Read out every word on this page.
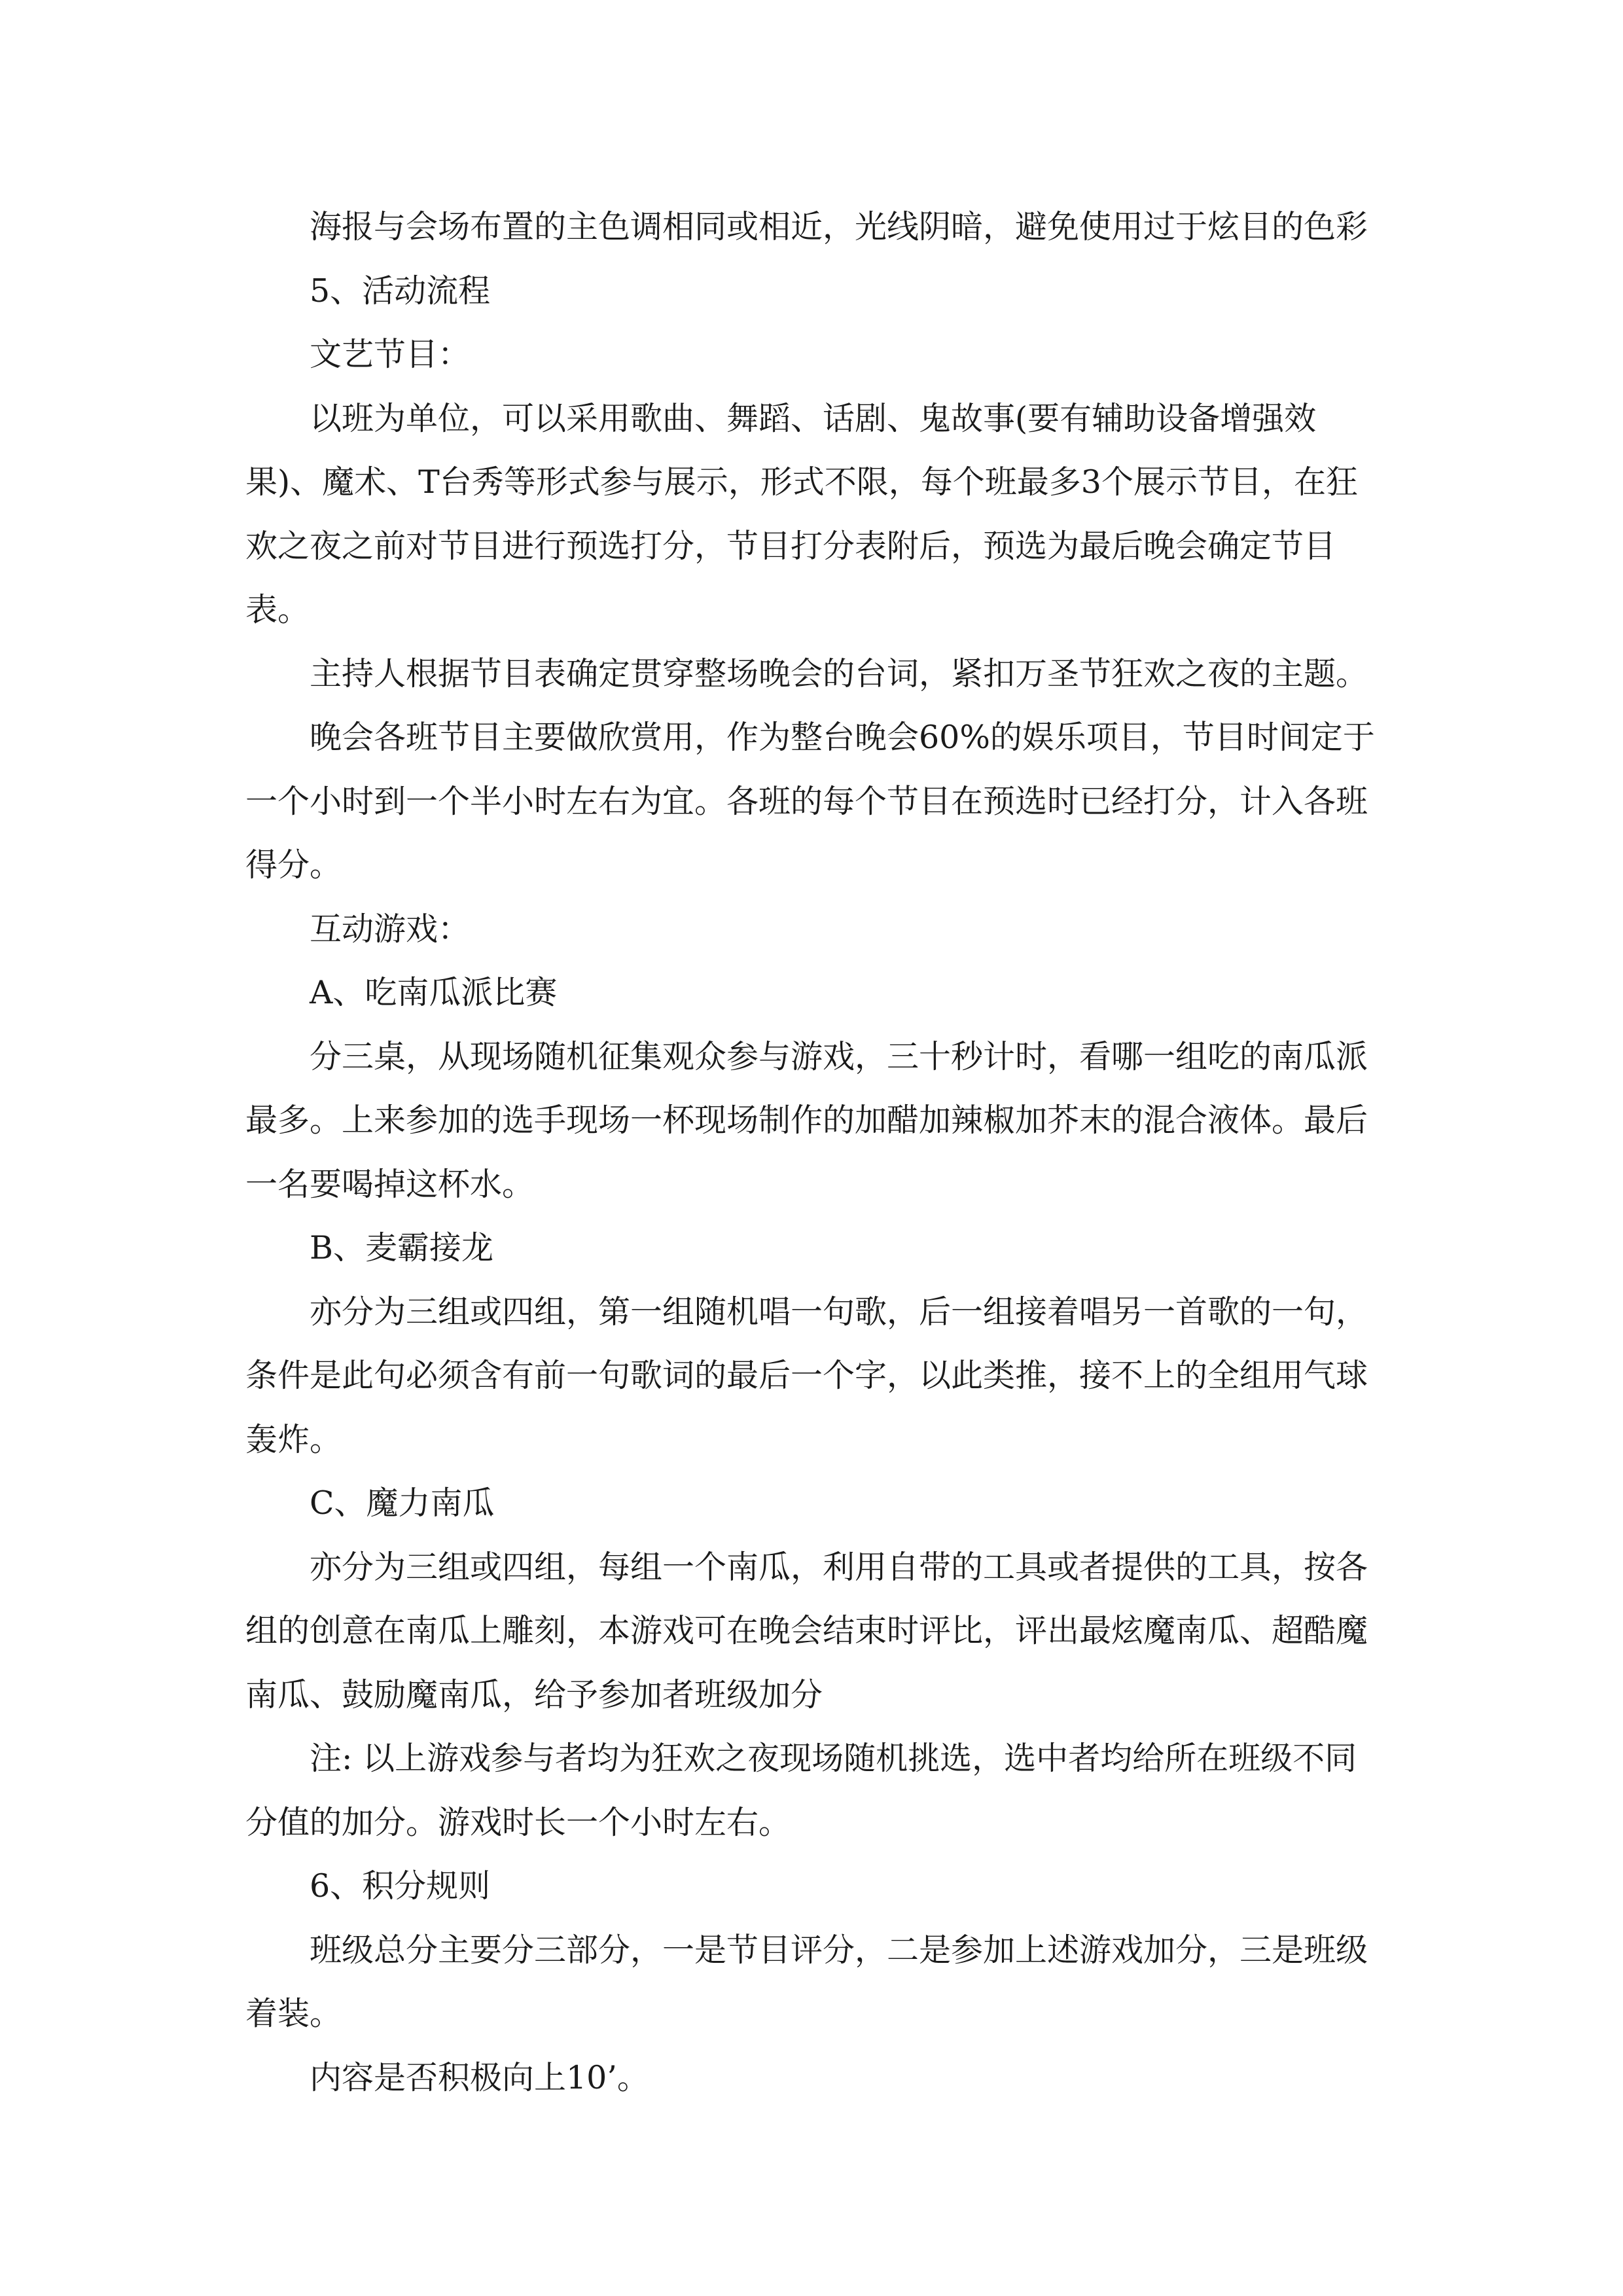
海报与会场布置的主色调相同或相近，光线阴暗，避免使用过于炫目的色彩

5、活动流程

文艺节目：

以班为单位，可以采用歌曲、舞蹈、话剧、鬼故事(要有辅助设备增强效果)、魔术、T台秀等形式参与展示，形式不限，每个班最多3个展示节目，在狂欢之夜之前对节目进行预选打分，节目打分表附后，预选为最后晚会确定节目表。

主持人根据节目表确定贯穿整场晚会的台词，紧扣万圣节狂欢之夜的主题。

晚会各班节目主要做欣赏用，作为整台晚会60%的娱乐项目，节目时间定于一个小时到一个半小时左右为宜。各班的每个节目在预选时已经打分，计入各班得分。

互动游戏：

A、吃南瓜派比赛

分三桌，从现场随机征集观众参与游戏，三十秒计时，看哪一组吃的南瓜派最多。上来参加的选手现场一杯现场制作的加醋加辣椒加芥末的混合液体。最后一名要喝掉这杯水。

B、麦霸接龙

亦分为三组或四组，第一组随机唱一句歌，后一组接着唱另一首歌的一句，条件是此句必须含有前一句歌词的最后一个字，以此类推，接不上的全组用气球轰炸。

C、魔力南瓜

亦分为三组或四组，每组一个南瓜，利用自带的工具或者提供的工具，按各组的创意在南瓜上雕刻，本游戏可在晚会结束时评比，评出最炫魔南瓜、超酷魔南瓜、鼓励魔南瓜，给予参加者班级加分

注: 以上游戏参与者均为狂欢之夜现场随机挑选，选中者均给所在班级不同分值的加分。游戏时长一个小时左右。

6、积分规则

班级总分主要分三部分，一是节目评分，二是参加上述游戏加分，三是班级着装。

内容是否积极向上10’。
